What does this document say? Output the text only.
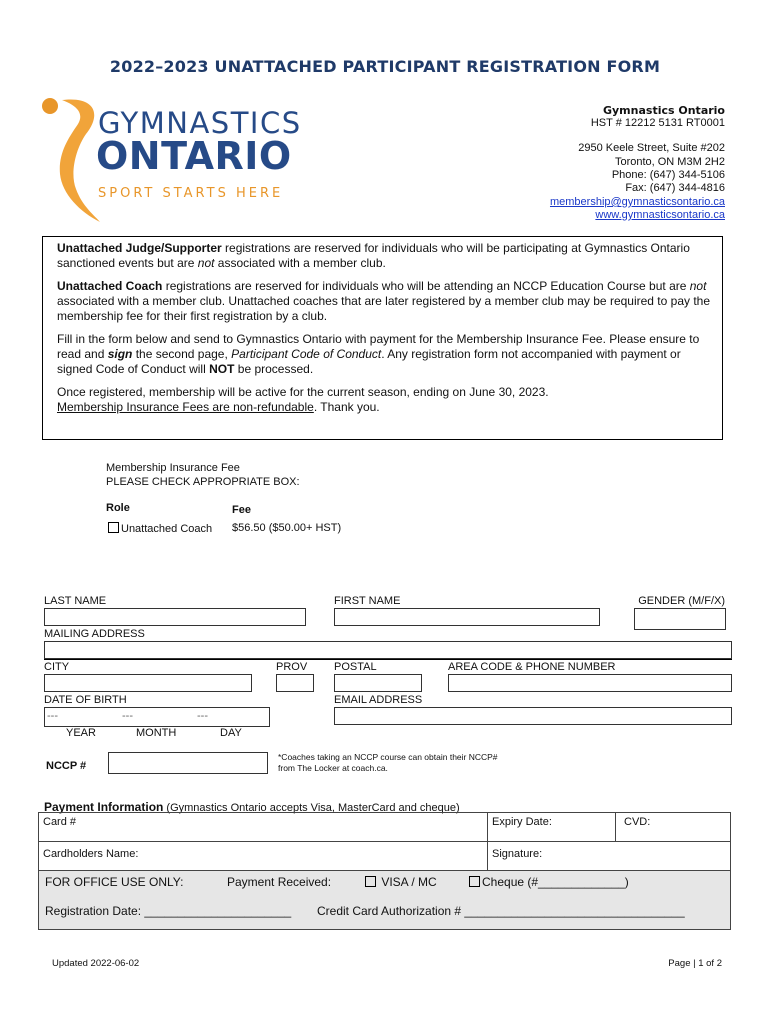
2022–2023 UNATTACHED PARTICIPANT REGISTRATION FORM
GYMNASTICS
ONTARIO
SPORT STARTS HERE
Gymnastics Ontario
HST # 12212 5131 RT0001
2950 Keele Street, Suite #202
Toronto, ON M3M 2H2
Phone: (647) 344-5106
Fax: (647) 344-4816
membership@gymnasticsontario.ca
www.gymnasticsontario.ca

Unattached Judge/Supporter registrations are reserved for individuals who will be participating at Gymnastics Ontario sanctioned events but are not associated with a member club.

Unattached Coach registrations are reserved for individuals who will be attending an NCCP Education Course but are not associated with a member club. Unattached coaches that are later registered by a member club may be required to pay the membership fee for their first registration by a club.

Fill in the form below and send to Gymnastics Ontario with payment for the Membership Insurance Fee. Please ensure to read and sign the second page, Participant Code of Conduct. Any registration form not accompanied with payment or signed Code of Conduct will NOT be processed.

Once registered, membership will be active for the current season, ending on June 30, 2023.
Membership Insurance Fees are non-refundable. Thank you.

Membership Insurance Fee
PLEASE CHECK APPROPRIATE BOX:
Role	Fee
Unattached Coach $56.50 ($50.00+ HST)
LAST NAME	FIRST NAME	GENDER (M/F/X)
MAILING ADDRESS
CITY	PROV POSTAL	AREA CODE & PHONE NUMBER
DATE OF BIRTH
---	---	---
YEAR	MONTH	DAY
EMAIL ADDRESS
NCCP #
*Coaches taking an NCCP course can obtain their NCCP# from The Locker at coach.ca.
Payment Information (Gymnastics Ontario accepts Visa, MasterCard and cheque)
Card #	Expiry Date:	CVD:
Cardholders Name:	Signature:
FOR OFFICE USE ONLY:	Payment Received:	VISA / MC	Cheque (#_____________)
Registration Date: ______________________ Credit Card Authorization # _________________________________
Updated 2022-06-02	Page | 1 of 2
